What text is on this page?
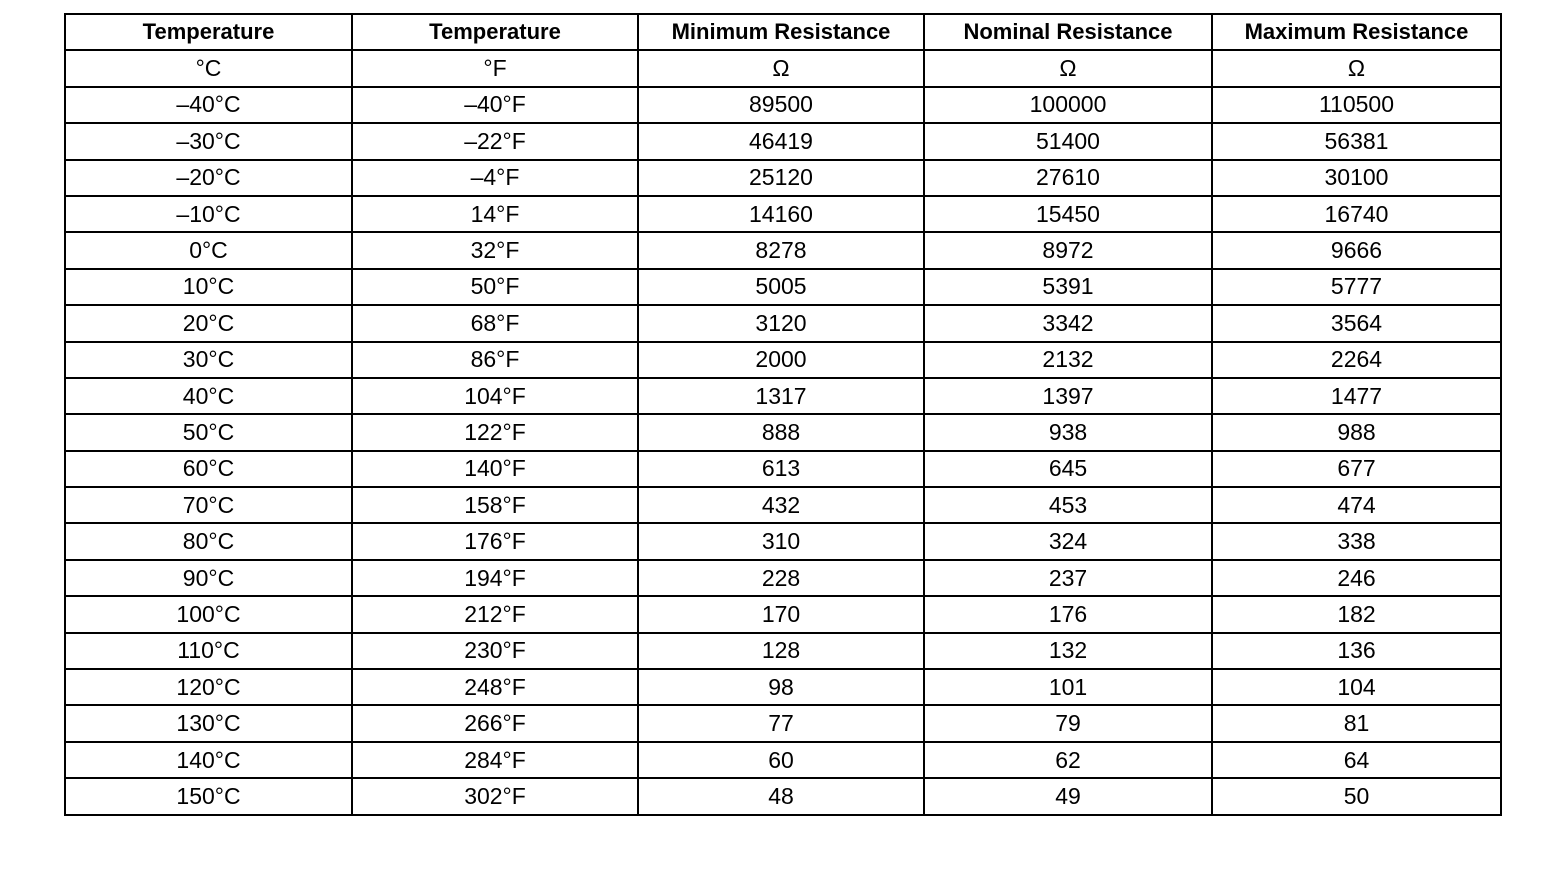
Temperature	Temperature	Minimum Resistance	Nominal Resistance	Maximum Resistance
°C	°F	Ω	Ω	Ω
–40°C	–40°F	89500	100000	110500
–30°C	–22°F	46419	51400	56381
–20°C	–4°F	25120	27610	30100
–10°C	14°F	14160	15450	16740
0°C	32°F	8278	8972	9666
10°C	50°F	5005	5391	5777
20°C	68°F	3120	3342	3564
30°C	86°F	2000	2132	2264
40°C	104°F	1317	1397	1477
50°C	122°F	888	938	988
60°C	140°F	613	645	677
70°C	158°F	432	453	474
80°C	176°F	310	324	338
90°C	194°F	228	237	246
100°C	212°F	170	176	182
110°C	230°F	128	132	136
120°C	248°F	98	101	104
130°C	266°F	77	79	81
140°C	284°F	60	62	64
150°C	302°F	48	49	50
